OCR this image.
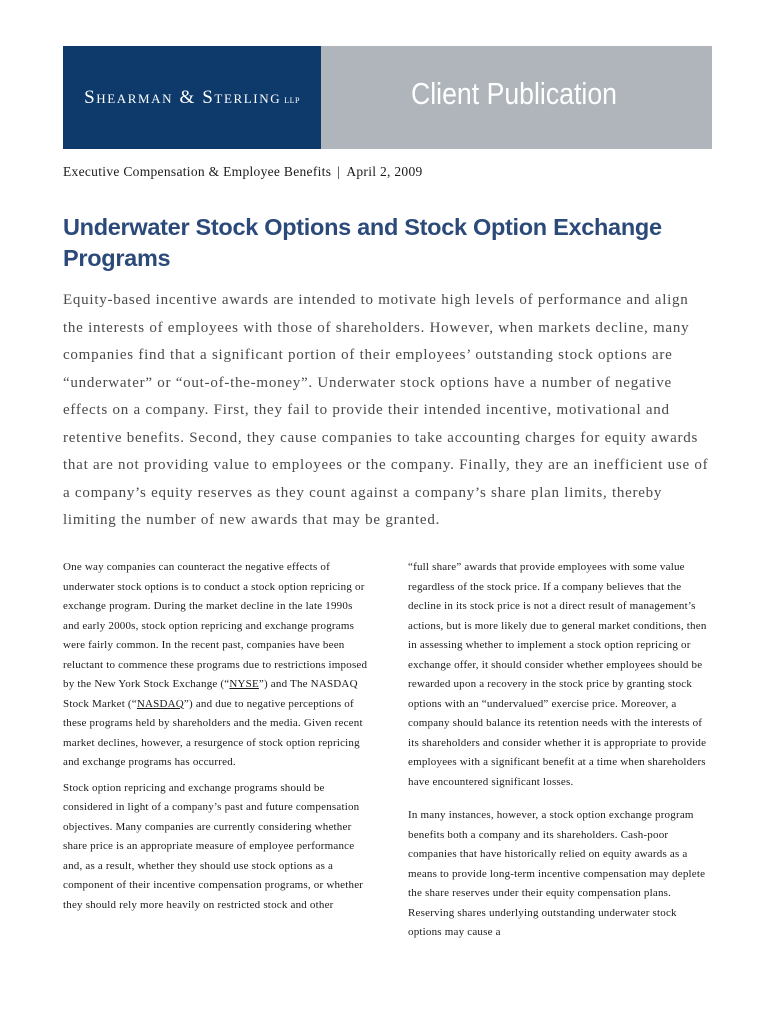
Shearman & Sterling LLP	Client Publication
Executive Compensation & Employee Benefits | April 2, 2009
Underwater Stock Options and Stock Option Exchange Programs

Equity-based incentive awards are intended to motivate high levels of performance and align the interests of employees with those of shareholders. However, when markets decline, many companies find that a significant portion of their employees’ outstanding stock options are “underwater” or “out-of-the-money”. Underwater stock options have a number of negative effects on a company. First, they fail to provide their intended incentive, motivational and retentive benefits. Second, they cause companies to take accounting charges for equity awards that are not providing value to employees or the company. Finally, they are an inefficient use of a company’s equity reserves as they count against a company’s share plan limits, thereby limiting the number of new awards that may be granted.

One way companies can counteract the negative effects of underwater stock options is to conduct a stock option repricing or exchange program. During the market decline in the late 1990s and early 2000s, stock option repricing and exchange programs were fairly common. In the recent past, companies have been reluctant to commence these programs due to restrictions imposed by the New York Stock Exchange (“NYSE”) and The NASDAQ Stock Market (“NASDAQ”) and due to negative perceptions of these programs held by shareholders and the media. Given recent market declines, however, a resurgence of stock option repricing and exchange programs has occurred.

Stock option repricing and exchange programs should be considered in light of a company’s past and future compensation objectives. Many companies are currently considering whether share price is an appropriate measure of employee performance and, as a result, whether they should use stock options as a component of their incentive compensation programs, or whether they should rely more heavily on restricted stock and other

“full share” awards that provide employees with some value regardless of the stock price. If a company believes that the decline in its stock price is not a direct result of management’s actions, but is more likely due to general market conditions, then in assessing whether to implement a stock option repricing or exchange offer, it should consider whether employees should be rewarded upon a recovery in the stock price by granting stock options with an “undervalued” exercise price. Moreover, a company should balance its retention needs with the interests of its shareholders and consider whether it is appropriate to provide employees with a significant benefit at a time when shareholders have encountered significant losses.

In many instances, however, a stock option exchange program benefits both a company and its shareholders. Cash-poor companies that have historically relied on equity awards as a means to provide long-term incentive compensation may deplete the share reserves under their equity compensation plans. Reserving shares underlying outstanding underwater stock options may cause a
